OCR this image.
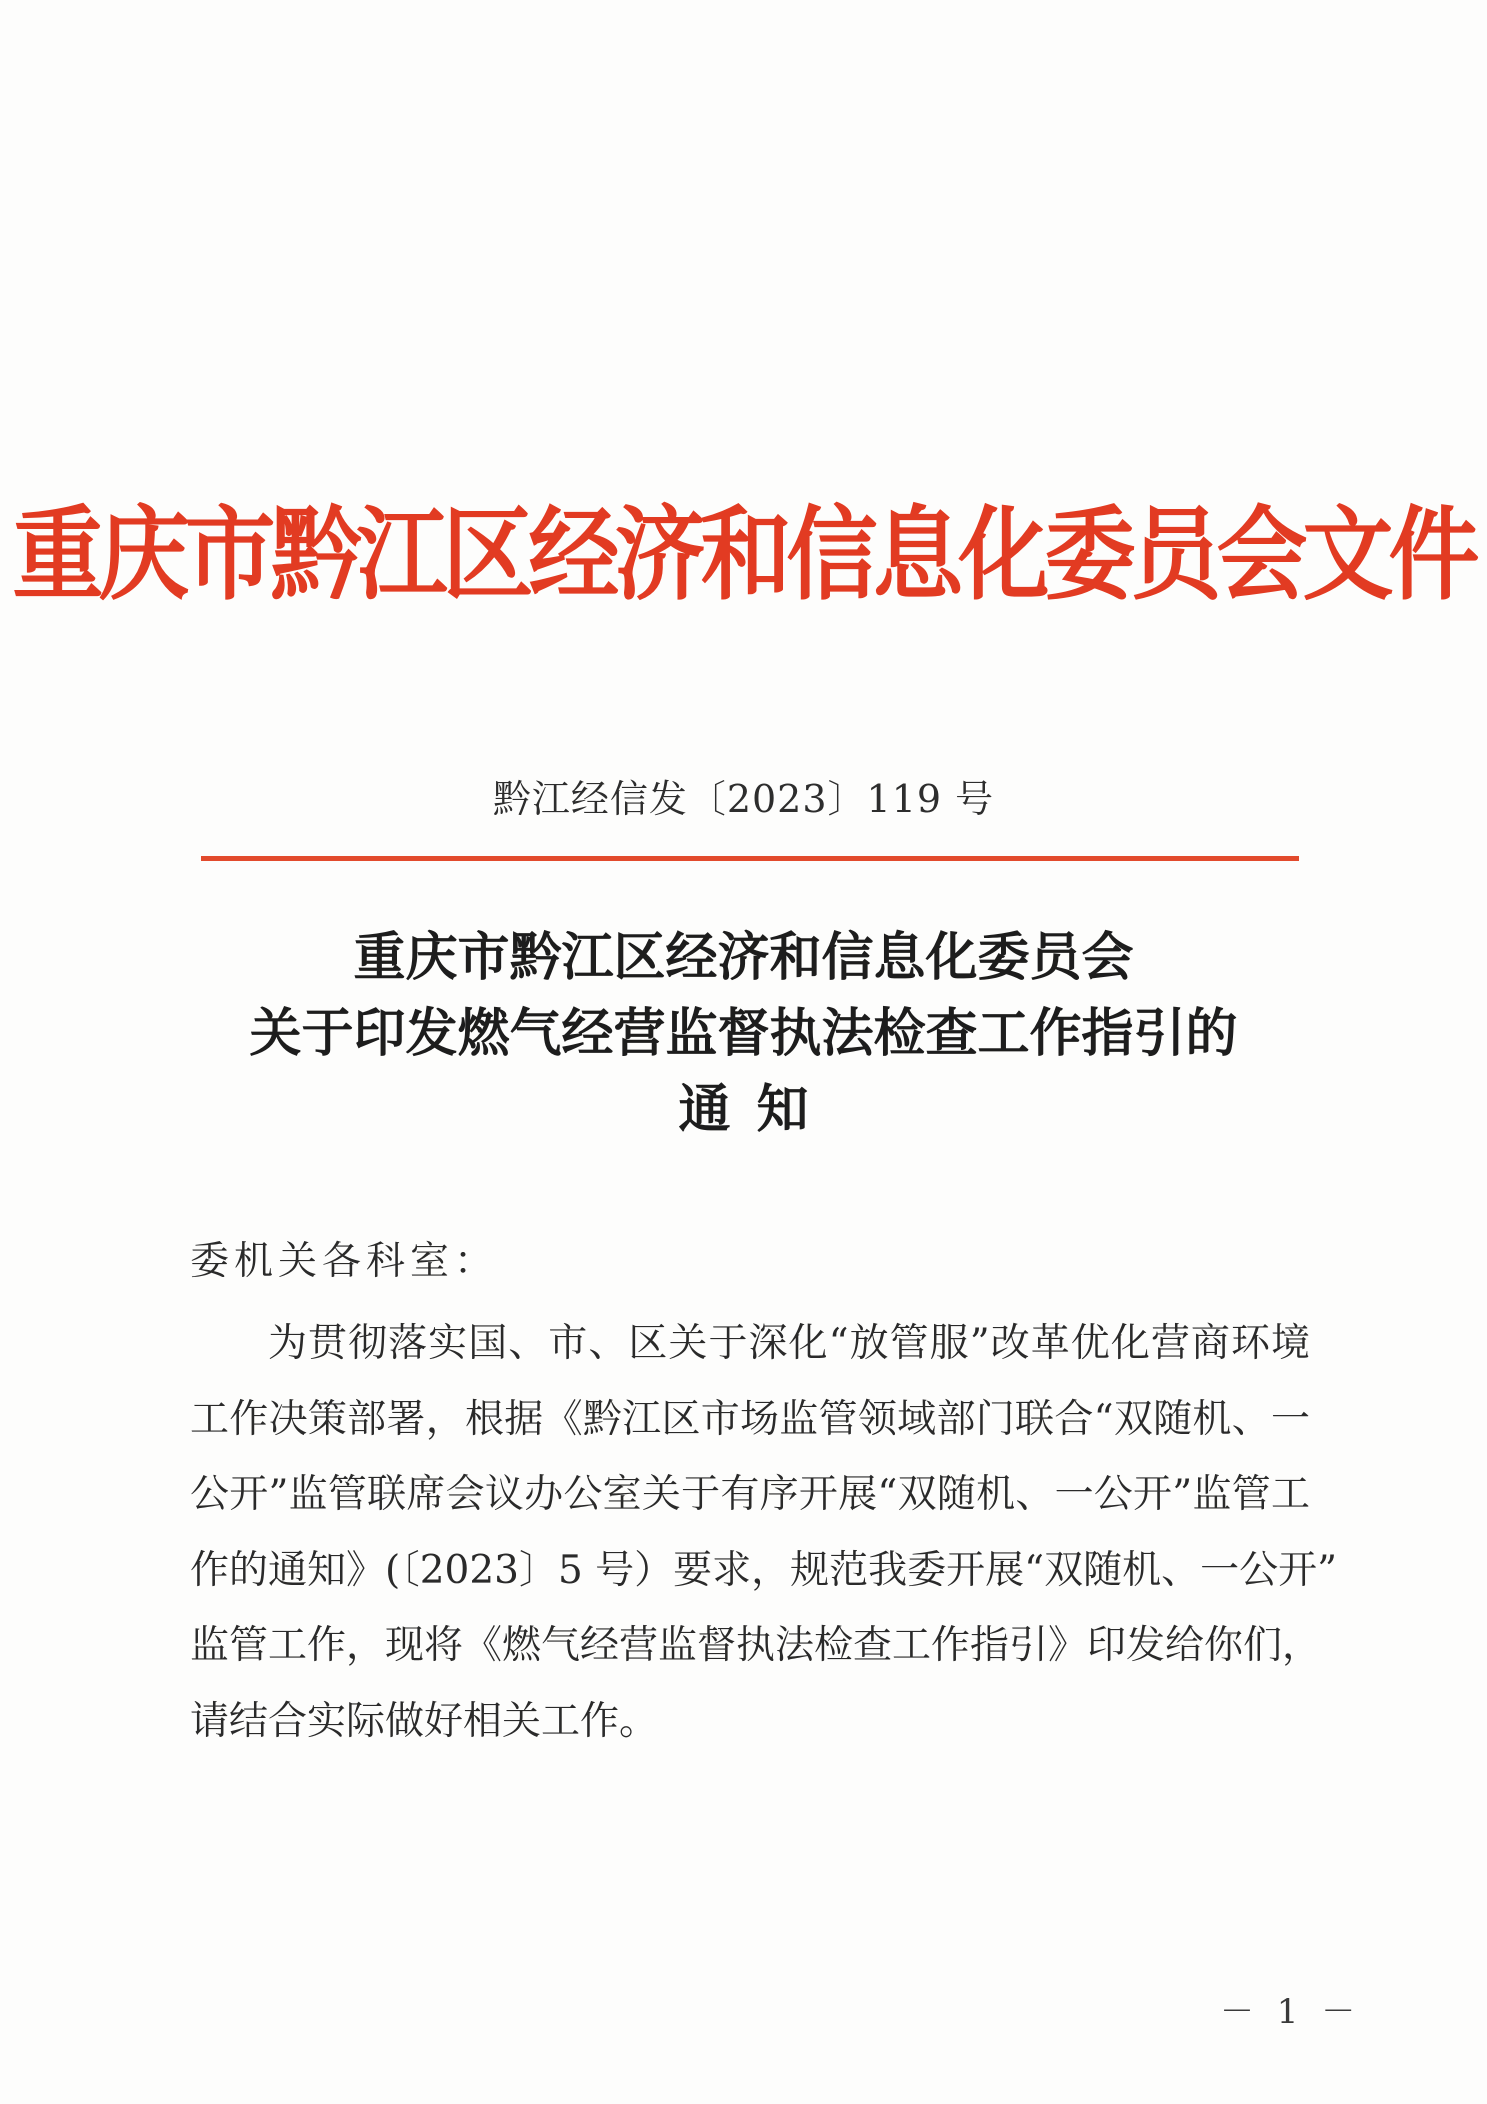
重庆市黔江区经济和信息化委员会文件
黔江经信发〔2023〕119 号
重庆市黔江区经济和信息化委员会
关于印发燃气经营监督执法检查工作指引的
通知
委机关各科室：
为贯彻落实国、市、区关于深化“放管服”改革优化营商环境
工作决策部署，根据《黔江区市场监管领域部门联合“双随机、一
公开”监管联席会议办公室关于有序开展“双随机、一公开”监管工
作的通知》(〔2023〕5 号）要求，规范我委开展“双随机、一公开”
监管工作，现将《燃气经营监督执法检查工作指引》印发给你们，
请结合实际做好相关工作。
－ 1 －
